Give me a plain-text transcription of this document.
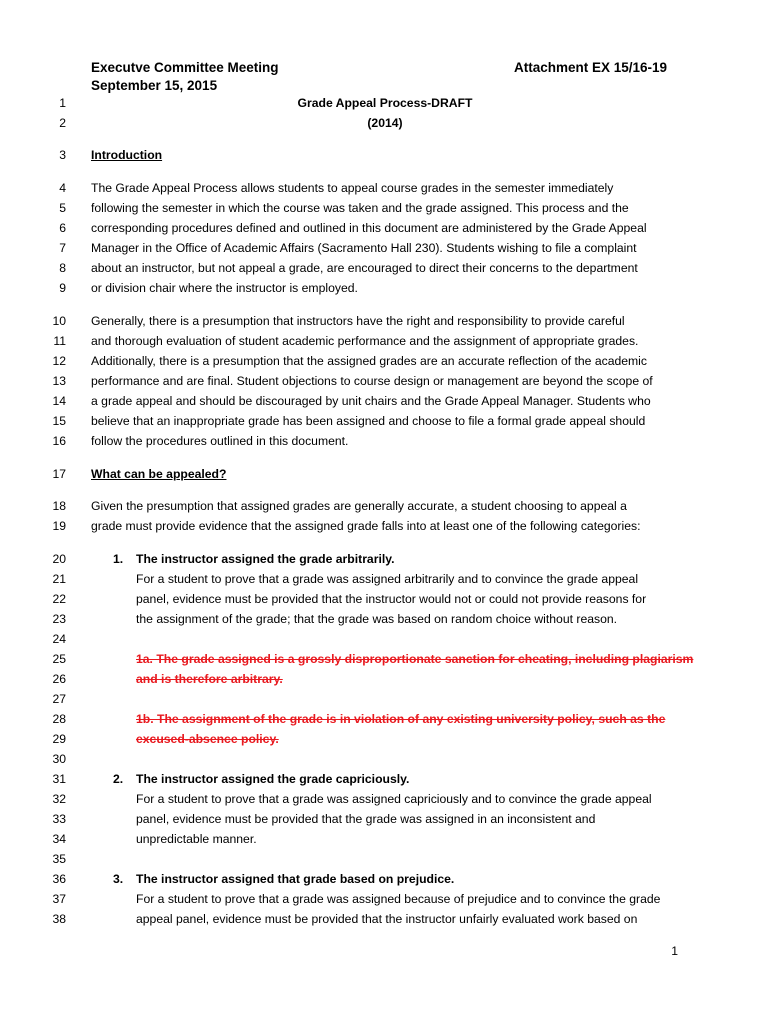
Executve Committee Meeting
September 15, 2015
Attachment EX 15/16-19
1	Grade Appeal Process-DRAFT
2	(2014)
3 Introduction
4 The Grade Appeal Process allows students to appeal course grades in the semester immediately
5 following the semester in which the course was taken and the grade assigned. This process and the
6 corresponding procedures defined and outlined in this document are administered by the Grade Appeal
7 Manager in the Office of Academic Affairs (Sacramento Hall 230). Students wishing to file a complaint
8 about an instructor, but not appeal a grade, are encouraged to direct their concerns to the department
9 or division chair where the instructor is employed.
10 Generally, there is a presumption that instructors have the right and responsibility to provide careful
11 and thorough evaluation of student academic performance and the assignment of appropriate grades.
12 Additionally, there is a presumption that the assigned grades are an accurate reflection of the academic
13 performance and are final. Student objections to course design or management are beyond the scope of
14 a grade appeal and should be discouraged by unit chairs and the Grade Appeal Manager. Students who
15 believe that an inappropriate grade has been assigned and choose to file a formal grade appeal should
16 follow the procedures outlined in this document.
17 What can be appealed?
18 Given the presumption that assigned grades are generally accurate, a student choosing to appeal a
19 grade must provide evidence that the assigned grade falls into at least one of the following categories:
20	1. The instructor assigned the grade arbitrarily.
21	For a student to prove that a grade was assigned arbitrarily and to convince the grade appeal
22	panel, evidence must be provided that the instructor would not or could not provide reasons for
23	the assignment of the grade; that the grade was based on random choice without reason.
24
25	1a. The grade assigned is a grossly disproportionate sanction for cheating, including plagiarism
26	and is therefore arbitrary.
27
28	1b. The assignment of the grade is in violation of any existing university policy, such as the
29	excused-absence policy.
30
31	2. The instructor assigned the grade capriciously.
32	For a student to prove that a grade was assigned capriciously and to convince the grade appeal
33	panel, evidence must be provided that the grade was assigned in an inconsistent and
34	unpredictable manner.
35
36	3. The instructor assigned that grade based on prejudice.
37	For a student to prove that a grade was assigned because of prejudice and to convince the grade
38	appeal panel, evidence must be provided that the instructor unfairly evaluated work based on
1
